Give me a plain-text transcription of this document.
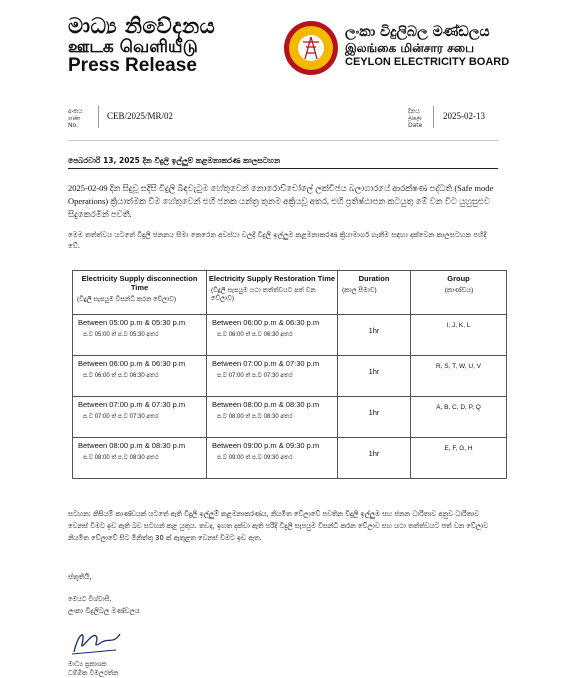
මාධ්‍ය නිවේදනය
ஊடக வெளியீடு
Press Release
ලංකා විදුලිබල මණ්ඩලය
இலங்கை மின்சார சபை
CEYLON ELECTRICITY BOARD
අංකය
எண்
No.
CEB/2025/MR/02	දිනය
திகதி
Date
2025-02-13
පෙබරවාරි 13, 2025 දින විදුලි ඉල්ලුම් කළමනාකරණ කාලසටහන
2025-02-09 දින සිදුවූ සදිසි විදුලි බිඳවැටුම හේතුවෙන් නොරොච්චෝලේ ලක්විජය බලාගාරයේ ආරක්ෂණ පද්ධති (Safe mode Operations) ක්‍රියාත්මක වීම හේතුවෙන් එහි ජනක යන්ත්‍ර තුනම අක්‍රියවූ අතර, එහි ප්‍රතිෂ්ඨාපන කටයුතු මේ වන විට යුහුසුළුව සිදුකෙරමින් පවතී.
මෙම තත්ත්වය යටතේ විදුලි ජනනය සීමා කෙරෙන අවස්ථා වලදී විදුලි ඉල්ලුම කළමනාකරණ ක්‍රියාමාර්ග ගැනීම සඳහා දක්වෙන කාලසටහන පහිදී වේ.
Electricity Supply disconnection Time
(විදුලි සැපයුම විසන්ධි කරන වේලාව)	Electricity Supply Restoration Time
(විදුලි සැපයුම යථා තත්ත්වයට පත් වන වේලාව)	Duration
(කාල සීමාව)	Group
(කාණ්ඩය)

Between 05:00 p.m & 05:30 p.m
ප.ව 05:00 ත් ප.ව 05:30 අතර	Between 06:00 p.m & 06:30 p.m
ප.ව 06:00 ත් ප.ව 06:30 අතර	1hr	I, J, K, L

Between 06:00 p.m & 06:30 p.m
ප.ව 06:00 ත් ප.ව 06:30 අතර	Between 07:00 p.m & 07:30 p.m
ප.ව 07:00 ත් ප.ව 07:30 අතර	1hr	R, S, T, W, U, V

Between 07:00 p.m & 07:30 p.m
ප.ව 07:00 ත් ප.ව 07:30 අතර	Between 08:00 p.m & 08:30 p.m
ප.ව 08:00 ත් ප.ව 08:30 අතර	1hr	A, B, C, D, P, Q

Between 08:00 p.m & 08:30 p.m
ප.ව 08:00 ත් ප.ව 08:30 අතර	Between 09:00 p.m & 09:30 p.m
ප.ව 09:00 ත් ප.ව 09:30 අතර	1hr	E, F, G, H
සටහන: කිසියම් කාණ්ඩයක් යටතේ ඇති විදුලි ඉල්ලුම් කළමනාකරණය, නියමිත වේලාවේ පවතින විදුලි ඉල්ලුම සහ ජනන ධාරිතාව අනුව ධාරිතාව වෙනස් වීමට ඉඩ ඇති බව සටහන් කළ යුතුය. තවද, ඉහත දක්වා ඇති පරිදි විදුලි සැපයුම විසන්ධි කරන වේලාව සහ යථා තත්ත්වයට පත් වන වේලාව නියමිත වේලාවේ සිට මිනිත්තු 30 ක් ඇතුළත වෙනස් වීමට ඉඩ ඇත.
ස්තූතියි,
මෙයට විශ්වාසී,
ලංකා විදුලිබල මණ්ඩලය
මාධ්‍ය ප්‍රකාශක
ධම්මික විමලරත්න
